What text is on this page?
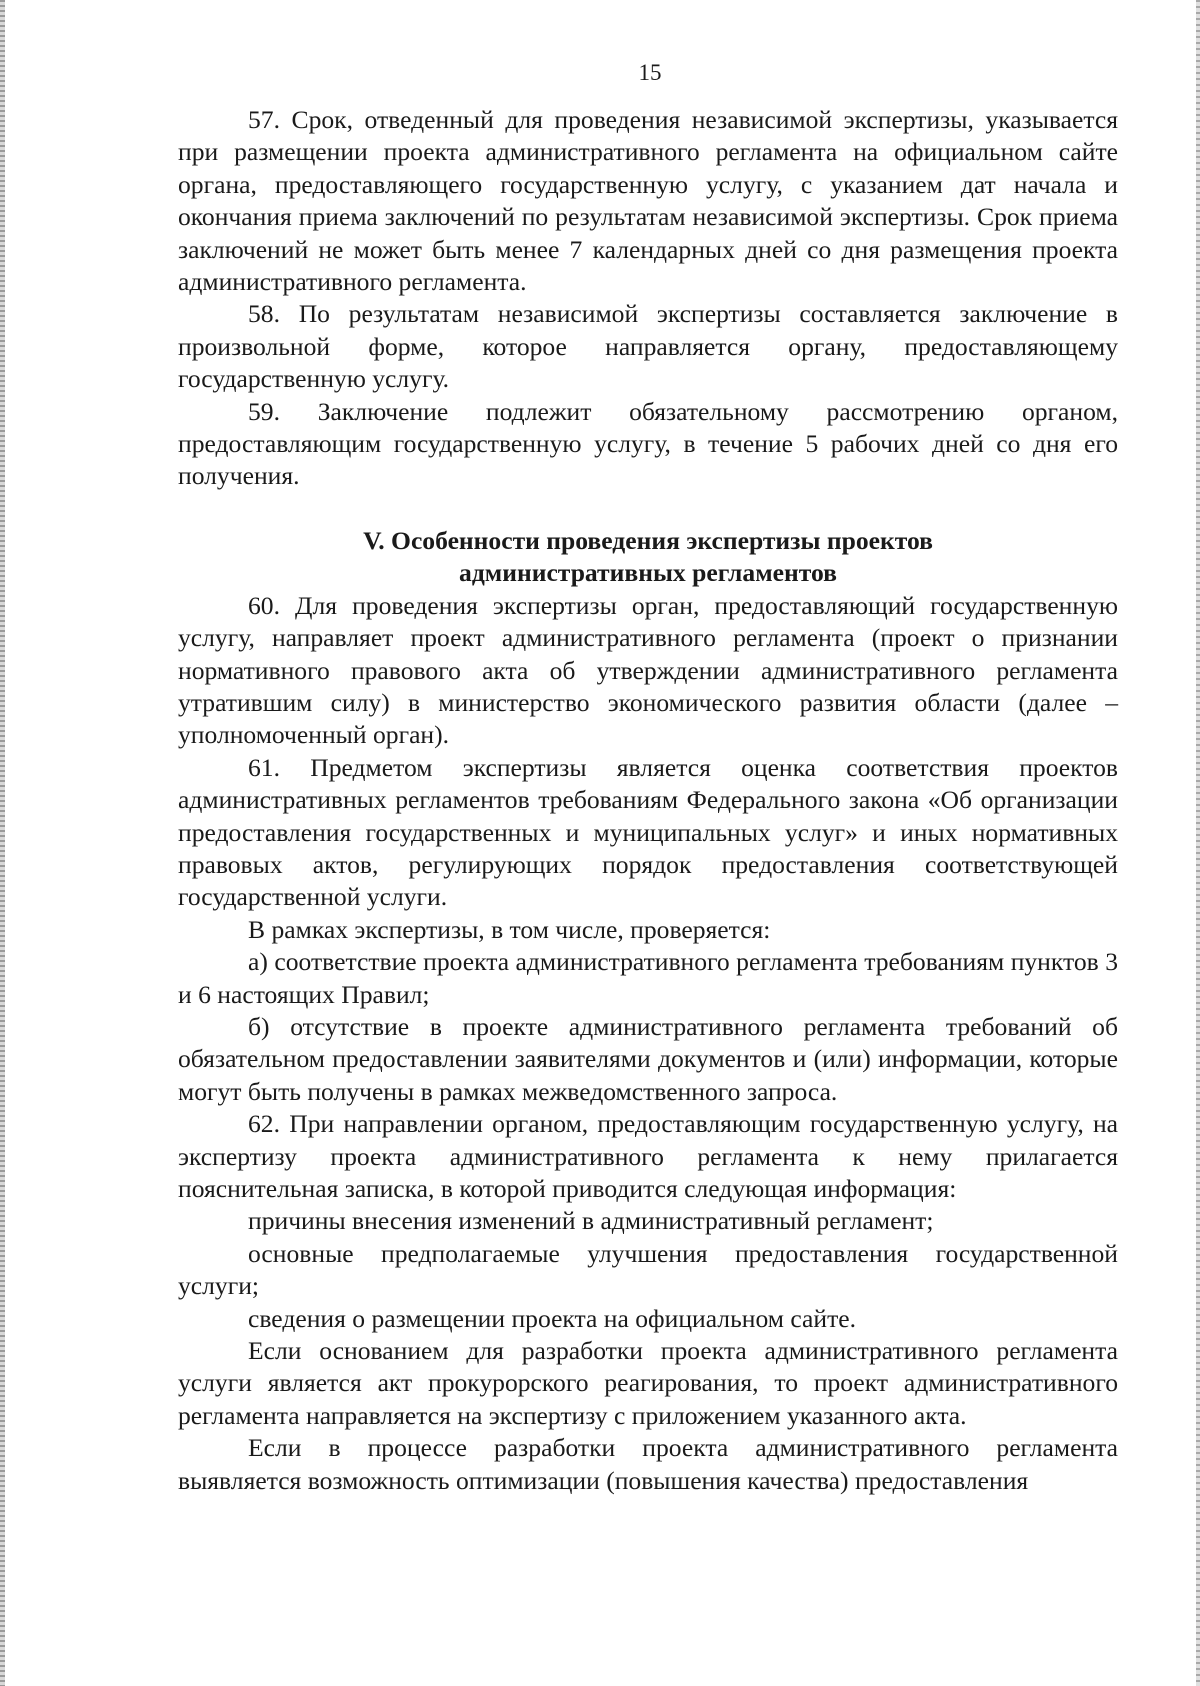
15

57. Срок, отведенный для проведения независимой экспертизы, указывается при размещении проекта административного регламента на официальном сайте органа, предоставляющего государственную услугу, с указанием дат начала и окончания приема заключений по результатам независимой экспертизы. Срок приема заключений не может быть менее 7 календарных дней со дня размещения проекта административного регламента.

58. По результатам независимой экспертизы составляется заключение в произвольной форме, которое направляется органу, предоставляющему государственную услугу.

59. Заключение подлежит обязательному рассмотрению органом, предоставляющим государственную услугу, в течение 5 рабочих дней со дня его получения.

V. Особенности проведения экспертизы проектов
административных регламентов

60. Для проведения экспертизы орган, предоставляющий государственную услугу, направляет проект административного регламента (проект о признании нормативного правового акта об утверждении административного регламента утратившим силу) в министерство экономического развития области (далее – уполномоченный орган).

61. Предметом экспертизы является оценка соответствия проектов административных регламентов требованиям Федерального закона «Об организации предоставления государственных и муниципальных услуг» и иных нормативных правовых актов, регулирующих порядок предоставления соответствующей государственной услуги.

В рамках экспертизы, в том числе, проверяется:

а) соответствие проекта административного регламента требованиям пунктов 3 и 6 настоящих Правил;

б) отсутствие в проекте административного регламента требований об обязательном предоставлении заявителями документов и (или) информации, которые могут быть получены в рамках межведомственного запроса.

62. При направлении органом, предоставляющим государственную услугу, на экспертизу проекта административного регламента к нему прилагается пояснительная записка, в которой приводится следующая информация:

причины внесения изменений в административный регламент;

основные предполагаемые улучшения предоставления государственной услуги;

сведения о размещении проекта на официальном сайте.

Если основанием для разработки проекта административного регламента услуги является акт прокурорского реагирования, то проект административного регламента направляется на экспертизу с приложением указанного акта.

Если в процессе разработки проекта административного регламента выявляется возможность оптимизации (повышения качества) предоставления
